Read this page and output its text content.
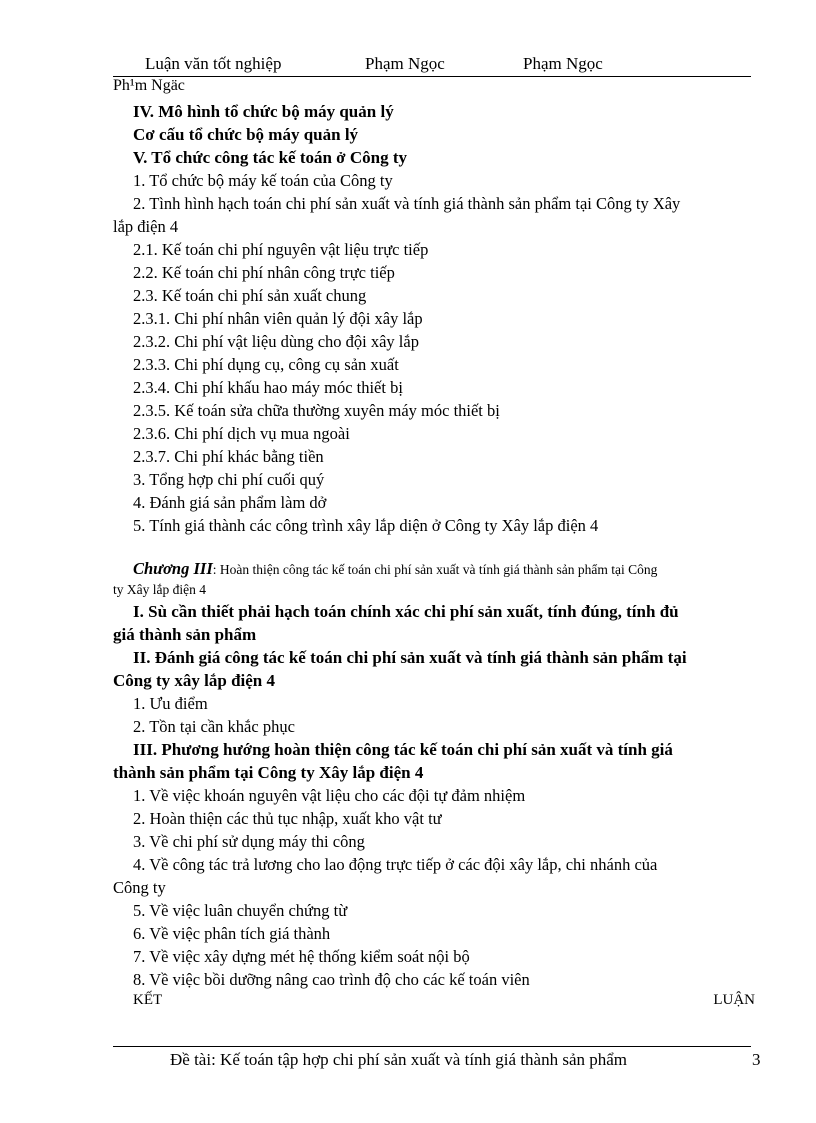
Luận văn tốt nghiệp	Phạm Ngọc	Phạm Ngọc
Ph¹m Ngäc
IV. Mô hình tổ chức bộ máy quản lý
Cơ cấu tổ chức bộ máy quản lý
V. Tổ chức công tác kế toán ở Công ty
1. Tổ chức bộ máy kế toán của Công ty
2. Tình hình hạch toán chi phí sản xuất và tính giá thành sản phẩm tại Công ty Xây
lắp điện 4
2.1. Kế toán chi phí nguyên vật liệu trực tiếp
2.2. Kế toán chi phí nhân công trực tiếp
2.3. Kế toán chi phí sản xuất chung
2.3.1. Chi phí nhân viên quản lý đội xây lắp
2.3.2. Chi phí vật liệu dùng cho đội xây lắp
2.3.3. Chi phí dụng cụ, công cụ sản xuất
2.3.4. Chi phí khấu hao máy móc thiết bị
2.3.5. Kế toán sửa chữa thường xuyên máy móc thiết bị
2.3.6. Chi phí dịch vụ mua ngoài
2.3.7. Chi phí khác bằng tiền
3. Tổng hợp chi phí cuối quý
4. Đánh giá sản phẩm làm dở
5. Tính giá thành các công trình xây lắp diện ở Công ty Xây lắp điện 4
Chương III: Hoàn thiện công tác kế toán chi phí sản xuất và tính giá thành sản phẩm tại Công
ty Xây lắp điện 4
I. Sù cần thiết phải hạch toán chính xác chi phí sản xuất, tính đúng, tính đủ
giá thành sản phẩm
II. Đánh giá công tác kế toán chi phí sản xuất và tính giá thành sản phẩm tại
Công ty xây lắp điện 4
1. Ưu điểm
2. Tồn tại cần khắc phục
III. Phương hướng hoàn thiện công tác kế toán chi phí sản xuất và tính giá
thành sản phẩm tại Công ty Xây lắp điện 4
1. Về việc khoán nguyên vật liệu cho các đội tự đảm nhiệm
2. Hoàn thiện các thủ tục nhập, xuất kho vật tư
3. Về chi phí sử dụng máy thi công
4. Về công tác trả lương cho lao động trực tiếp ở các đội xây lắp, chi nhánh của
Công ty
5. Về việc luân chuyển chứng từ
6. Về việc phân tích giá thành
7. Về việc xây dựng mét hệ thống kiểm soát nội bộ
8. Về việc bồi dưỡng nâng cao trình độ cho các kế toán viên
KẾT	LUẬN
Đề tài: Kế toán tập hợp chi phí sản xuất và tính giá thành sản phẩm	3
